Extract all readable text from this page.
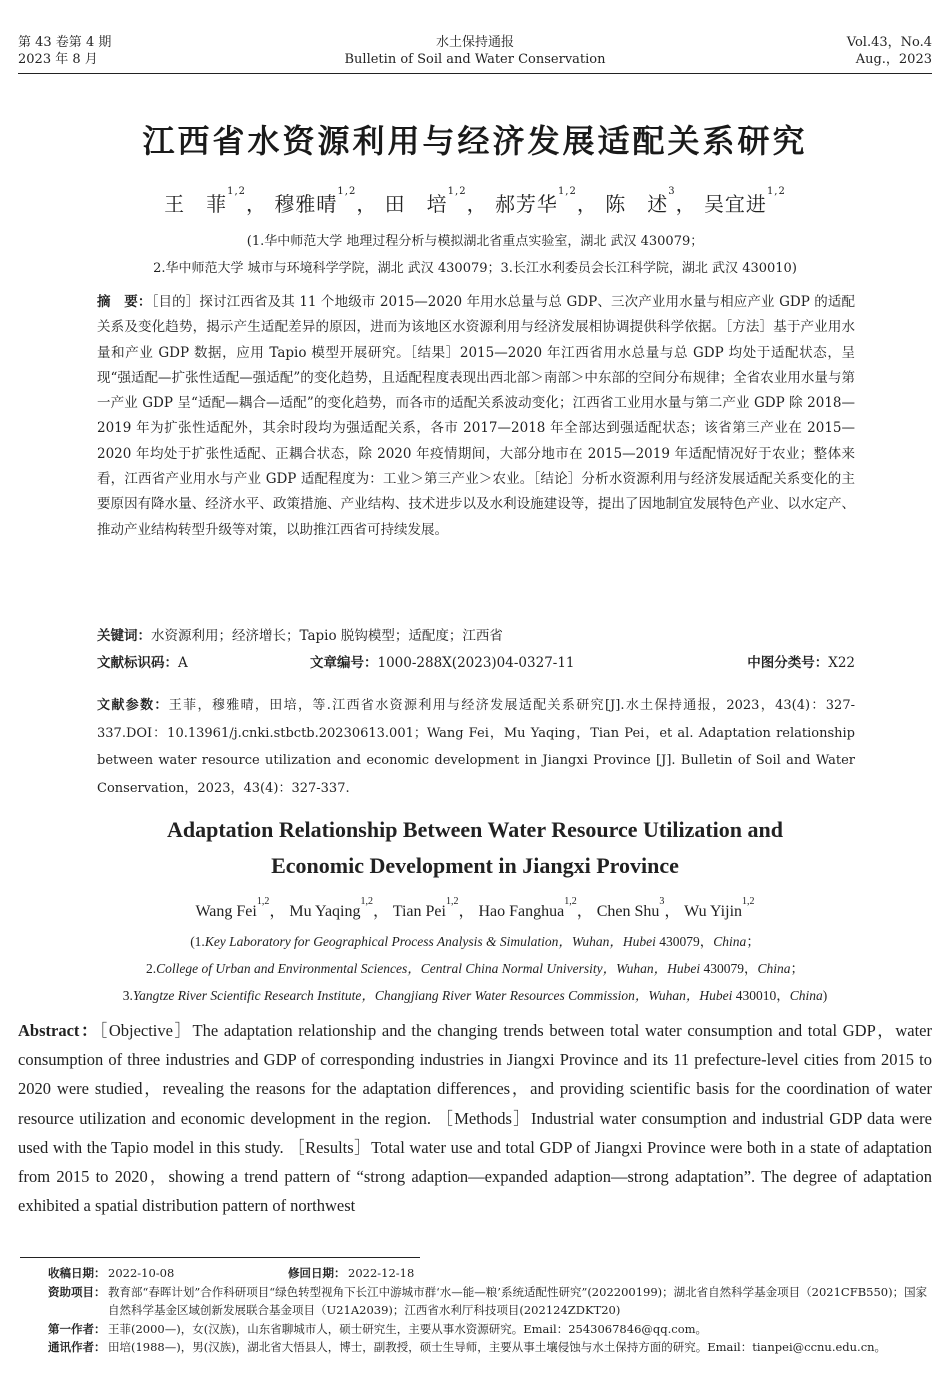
第 43 卷第 4 期
2023 年 8 月
水土保持通报
Bulletin of Soil and Water Conservation
Vol.43，No.4
Aug.，2023
江西省水资源利用与经济发展适配关系研究
王　菲$^{1,2}$， 穆雅晴$^{1,2}$， 田　培$^{1,2}$， 郝芳华$^{1,2}$， 陈　述$^3$， 吴宜进$^{1,2}$
(1.华中师范大学 地理过程分析与模拟湖北省重点实验室，湖北 武汉 430079；
2.华中师范大学 城市与环境科学学院，湖北 武汉 430079；3.长江水利委员会长江科学院，湖北 武汉 430010)
摘　要：［目的］探讨江西省及其 11 个地级市 2015—2020 年用水总量与总 GDP、三次产业用水量与相应产业 GDP 的适配关系及变化趋势，揭示产生适配差异的原因，进而为该地区水资源利用与经济发展相协调提供科学依据。［方法］基于产业用水量和产业 GDP 数据，应用 Tapio 模型开展研究。［结果］2015—2020 年江西省用水总量与总 GDP 均处于适配状态，呈现“强适配—扩张性适配—强适配”的变化趋势，且适配程度表现出西北部＞南部＞中东部的空间分布规律；全省农业用水量与第一产业 GDP 呈“适配—耦合—适配”的变化趋势，而各市的适配关系波动变化；江西省工业用水量与第二产业 GDP 除 2018—2019 年为扩张性适配外，其余时段均为强适配关系，各市 2017—2018 年全部达到强适配状态；该省第三产业在 2015—2020 年均处于扩张性适配、正耦合状态，除 2020 年疫情期间，大部分地市在 2015—2019 年适配情况好于农业；整体来看，江西省产业用水与产业 GDP 适配程度为：工业＞第三产业＞农业。［结论］分析水资源利用与经济发展适配关系变化的主要原因有降水量、经济水平、政策措施、产业结构、技术进步以及水利设施建设等，提出了因地制宜发展特色产业、以水定产、推动产业结构转型升级等对策，以助推江西省可持续发展。
关键词：水资源利用；经济增长；Tapio 脱钩模型；适配度；江西省
文献标识码：A	文章编号：1000-288X(2023)04-0327-11	中图分类号：X22
文献参数：王菲，穆雅晴，田培，等.江西省水资源利用与经济发展适配关系研究[J].水土保持通报，2023，43(4)：327-337.DOI：10.13961/j.cnki.stbctb.20230613.001；Wang Fei，Mu Yaqing，Tian Pei，et al. Adaptation relationship between water resource utilization and economic development in Jiangxi Province [J]. Bulletin of Soil and Water Conservation，2023，43(4)：327-337.
Adaptation Relationship Between Water Resource Utilization and
Economic Development in Jiangxi Province
Wang Fei$^{1,2}$， Mu Yaqing$^{1,2}$， Tian Pei$^{1,2}$， Hao Fanghua$^{1,2}$， Chen Shu$^3$， Wu Yijin$^{1,2}$
(1.Key Laboratory for Geographical Process Analysis & Simulation，Wuhan，Hubei 430079，China；
2.College of Urban and Environmental Sciences，Central China Normal University，Wuhan，Hubei 430079，China；
3.Yangtze River Scientific Research Institute，Changjiang River Water Resources Commission，Wuhan，Hubei 430010，China)
Abstract：［Objective］The adaptation relationship and the changing trends between total water consumption and total GDP，water consumption of three industries and GDP of corresponding industries in Jiangxi Province and its 11 prefecture-level cities from 2015 to 2020 were studied，revealing the reasons for the adaptation differences，and providing scientific basis for the coordination of water resource utilization and economic development in the region. ［Methods］Industrial water consumption and industrial GDP data were used with the Tapio model in this study. ［Results］Total water use and total GDP of Jiangxi Province were both in a state of adaptation from 2015 to 2020，showing a trend pattern of “strong adaption—expanded adaption—strong adaptation”. The degree of adaptation exhibited a spatial distribution pattern of northwest
收稿日期： 2022-10-08	修回日期： 2022-12-18
资助项目： 教育部“春晖计划”合作科研项目“绿色转型视角下长江中游城市群‘水—能—粮’系统适配性研究”(202200199)；湖北省自然科学基金项目（2021CFB550)；国家自然科学基金区域创新发展联合基金项目（U21A2039)；江西省水利厅科技项目(202124ZDKT20)
第一作者： 王菲(2000—)，女(汉族)，山东省聊城市人，硕士研究生，主要从事水资源研究。Email：2543067846@qq.com。
通讯作者： 田培(1988—)，男(汉族)，湖北省大悟县人，博士，副教授，硕士生导师，主要从事土壤侵蚀与水土保持方面的研究。Email：tianpei@ccnu.edu.cn。
